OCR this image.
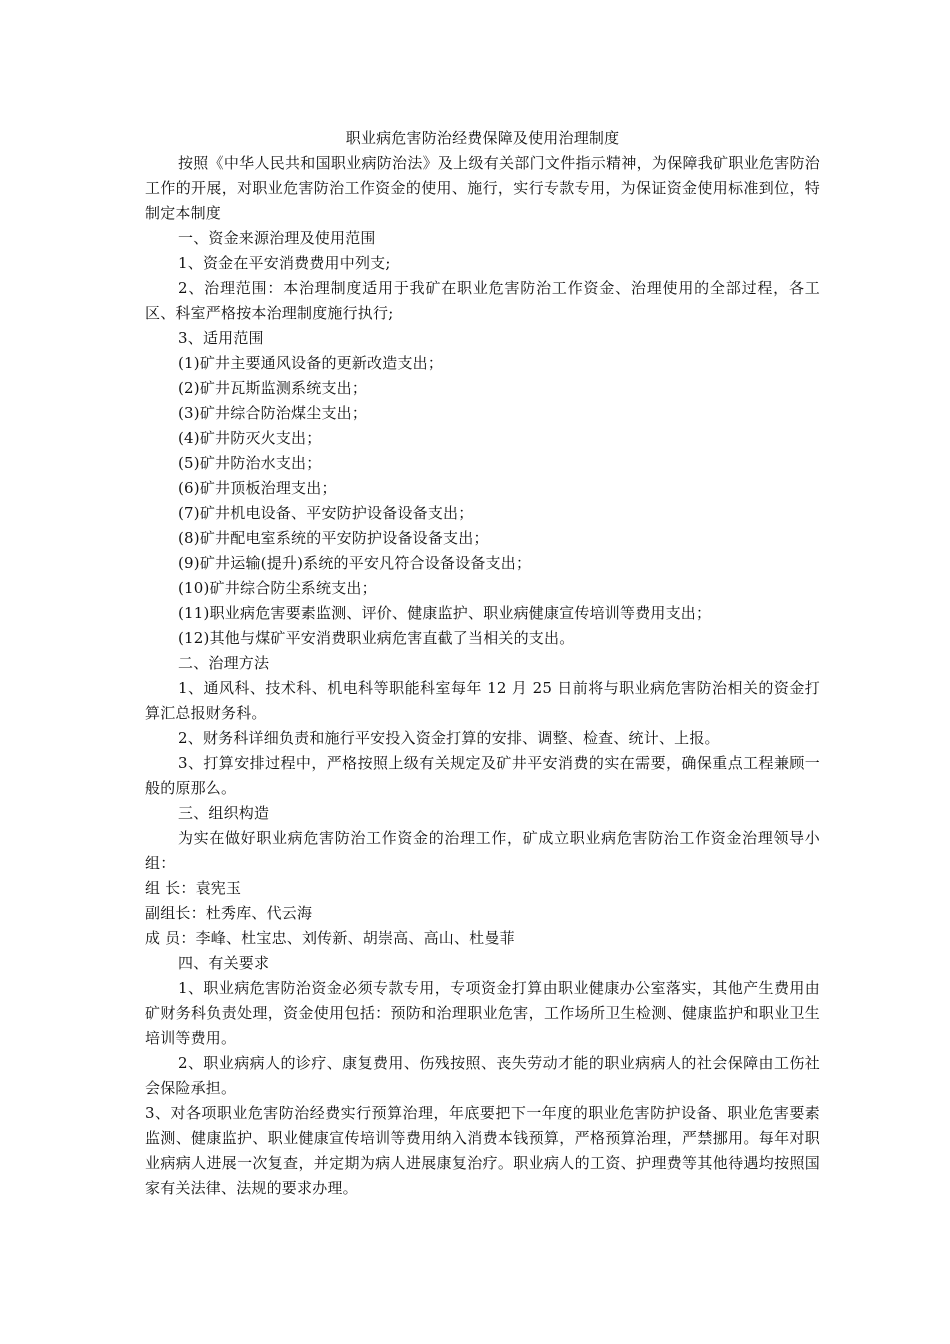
职业病危害防治经费保障及使用治理制度

按照《中华人民共和国职业病防治法》及上级有关部门文件指示精神，为保障我矿职业危害防治工作的开展，对职业危害防治工作资金的使用、施行，实行专款专用，为保证资金使用标准到位，特制定本制度

一、资金来源治理及使用范围

1、资金在平安消费费用中列支;

2、治理范围：本治理制度适用于我矿在职业危害防治工作资金、治理使用的全部过程，各工区、科室严格按本治理制度施行执行;

3、适用范围

(1)矿井主要通风设备的更新改造支出；

(2)矿井瓦斯监测系统支出；

(3)矿井综合防治煤尘支出；

(4)矿井防灭火支出；

(5)矿井防治水支出；

(6)矿井顶板治理支出；

(7)矿井机电设备、平安防护设备设备支出；

(8)矿井配电室系统的平安防护设备设备支出；

(9)矿井运输(提升)系统的平安凡符合设备设备支出；

(10)矿井综合防尘系统支出；

(11)职业病危害要素监测、评价、健康监护、职业病健康宣传培训等费用支出；

(12)其他与煤矿平安消费职业病危害直截了当相关的支出。

二、治理方法

1、通风科、技术科、机电科等职能科室每年 12 月 25 日前将与职业病危害防治相关的资金打算汇总报财务科。

2、财务科详细负责和施行平安投入资金打算的安排、调整、检查、统计、上报。

3、打算安排过程中，严格按照上级有关规定及矿井平安消费的实在需要，确保重点工程兼顾一般的原那么。

三、组织构造

为实在做好职业病危害防治工作资金的治理工作，矿成立职业病危害防治工作资金治理领导小组：

组 长：袁宪玉

副组长：杜秀库、代云海

成 员：李峰、杜宝忠、刘传新、胡崇高、高山、杜曼菲

四、有关要求

1、职业病危害防治资金必须专款专用，专项资金打算由职业健康办公室落实，其他产生费用由矿财务科负责处理，资金使用包括：预防和治理职业危害，工作场所卫生检测、健康监护和职业卫生培训等费用。

2、职业病病人的诊疗、康复费用、伤残按照、丧失劳动才能的职业病病人的社会保障由工伤社会保险承担。

3、对各项职业危害防治经费实行预算治理，年底要把下一年度的职业危害防护设备、职业危害要素监测、健康监护、职业健康宣传培训等费用纳入消费本钱预算，严格预算治理，严禁挪用。每年对职业病病人进展一次复查，并定期为病人进展康复治疗。职业病人的工资、护理费等其他待遇均按照国家有关法律、法规的要求办理。
